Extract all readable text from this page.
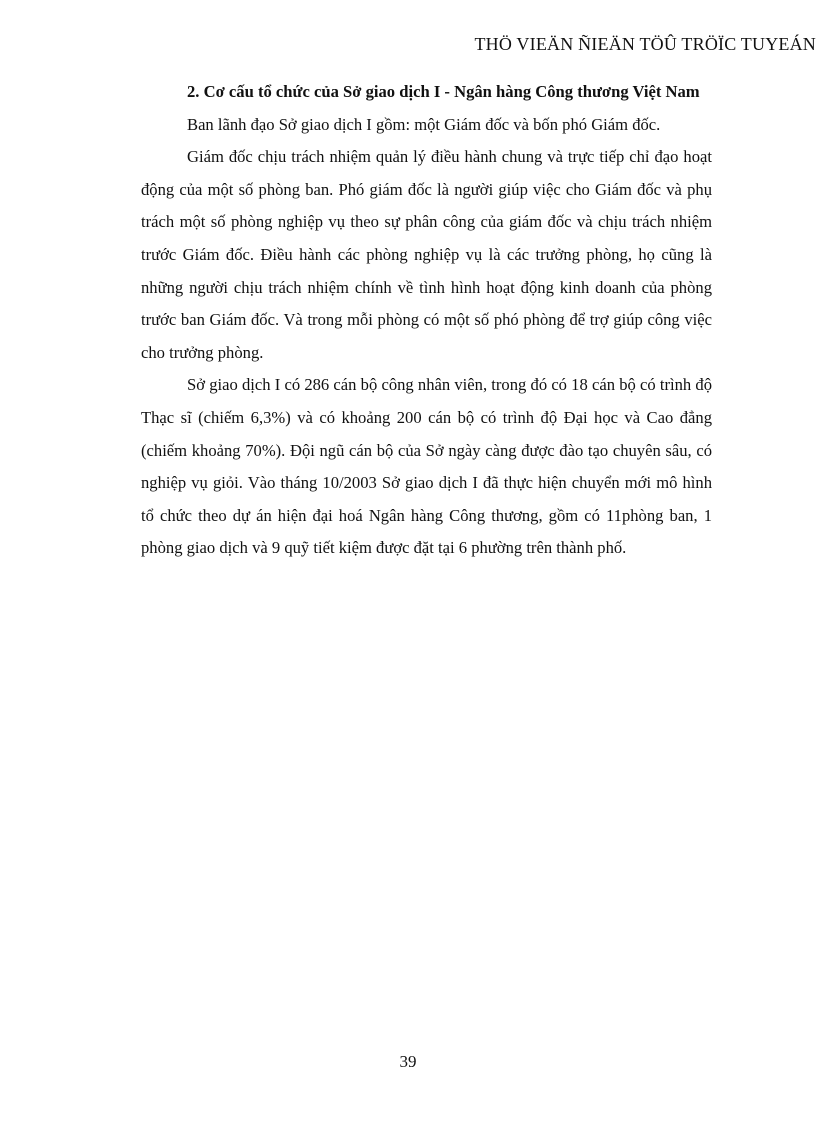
THÖ VIEÄN ÑIEÄN TÖÛ TRÖÏC TUYEÁN

2. Cơ cấu tổ chức của Sở giao dịch I - Ngân hàng Công thương Việt Nam

Ban lãnh đạo Sở giao dịch I gồm: một Giám đốc và bốn phó Giám đốc.

Giám đốc chịu trách nhiệm quản lý điều hành chung và trực tiếp chỉ đạo hoạt động của một số phòng ban. Phó giám đốc là người giúp việc cho Giám đốc và phụ trách một số phòng nghiệp vụ theo sự phân công của giám đốc và chịu trách nhiệm trước Giám đốc. Điều hành các phòng nghiệp vụ là các trưởng phòng, họ cũng là những người chịu trách nhiệm chính về tình hình hoạt động kinh doanh của phòng trước ban Giám đốc. Và trong mỗi phòng có một số phó phòng để trợ giúp công việc cho trưởng phòng.

Sở giao dịch I có 286 cán bộ công nhân viên, trong đó có 18 cán bộ có trình độ Thạc sĩ (chiếm 6,3%) và có khoảng 200 cán bộ có trình độ Đại học và Cao đẳng (chiếm khoảng 70%). Đội ngũ cán bộ của Sở ngày càng được đào tạo chuyên sâu, có nghiệp vụ giỏi. Vào tháng 10/2003 Sở giao dịch I đã thực hiện chuyển mới mô hình tổ chức theo dự án hiện đại hoá Ngân hàng Công thương, gồm có 11phòng ban, 1 phòng giao dịch và 9 quỹ tiết kiệm được đặt tại 6 phường trên thành phố.

39
